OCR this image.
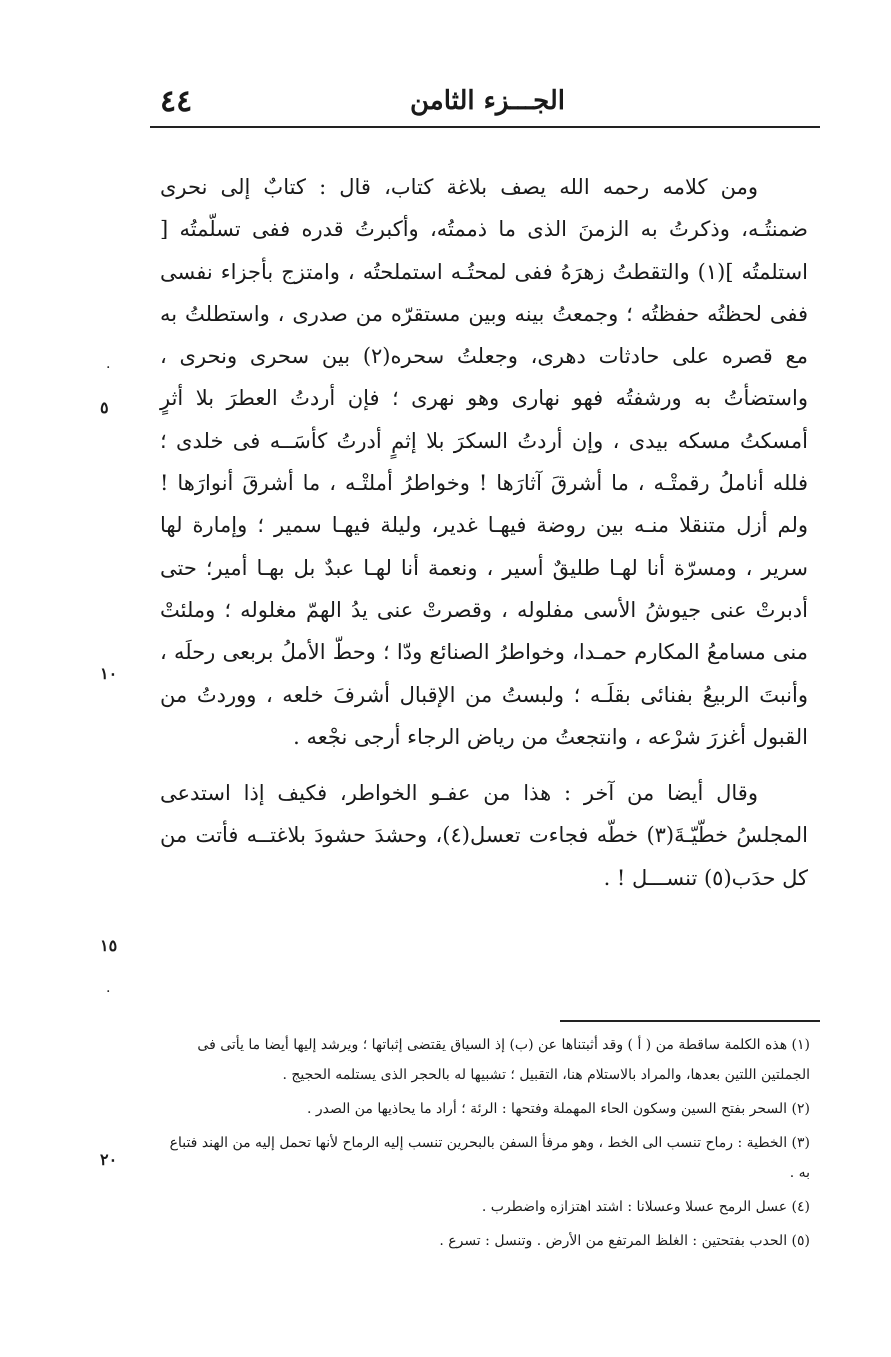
٤٤	الجـــزء الثامن
.
٥
١٠
١٥
.
٢٠

ومن كلامه رحمه الله يصف بلاغة كتاب، قال : كتابٌ إلى نحرى ضمنتُـه، وذكرتُ به الزمنَ الذى ما ذممتُه، وأكبرتُ قدره ففى تسلّمتُه [ استلمتُه ](١) والتقطتُ زهرَهُ ففى لمحتُـه استملحتُه ، وامتزج بأجزاء نفسى ففى لحظتُه حفظتُه ؛ وجمعتُ بينه وبين مستقرّه من صدرى ، واستطلتُ به مع قصره على حادثات دهرى، وجعلتُ سحره(٢) بين سحرى ونحرى ، واستضأتُ به ورشفتُه فهو نهارى وهو نهرى ؛ فإن أردتُ العطرَ بلا أثرٍ أمسكتُ مسكه بيدى ، وإن أردتُ السكرَ بلا إثمٍ أدرتُ كأسَــه فى خلدى ؛ فلله أناملُ رقمتْـه ، ما أشرقَ آثارَها ! وخواطرُ أملتْـه ، ما أشرقَ أنوارَها ! ولم أزل متنقلا منـه بين روضة فيهـا غدير، وليلة فيهـا سمير ؛ وإمارة لها سرير ، ومسرّة أنا لهـا طليقٌ أسير ، ونعمة أنا لهـا عبدٌ بل بهـا أمير؛ حتى أدبرتْ عنى جيوشُ الأسى مفلوله ، وقصرتْ عنى يدُ الهمّ مغلوله ؛ وملئتْ منى مسامعُ المكارم حمـدا، وخواطرُ الصنائع ودّا ؛ وحطّ الأملُ بربعى رحلَه ، وأنبتَ الربيعُ بفنائى بقلَـه ؛ ولبستُ من الإقبال أشرفَ خلعه ، ووردتُ من القبول أغزرَ شرْعه ، وانتجعتُ من رياض الرجاء أرجى نجْعه .

وقال أيضا من آخر : هذا من عفـو الخواطر، فكيف إذا استدعى المجلسُ خطّيّـةَ(٣) خطّه فجاءت تعسل(٤)، وحشدَ حشودَ بلاغتــه فأتت من كل حدَب(٥) تنســـل ! .

(١) هذه الكلمة ساقطة من ( أ ) وقد أثبتناها عن (ب) إذ السياق يقتضى إثباتها ؛ ويرشد إليها أيضا ما يأتى فى الجملتين اللتين بعدها، والمراد بالاستلام هنا، التقبيل ؛ تشبيها له بالحجر الذى يستلمه الحجيج .

(٢) السحر بفتح السين وسكون الحاء المهملة وفتحها : الرئة ؛ أراد ما يحاذيها من الصدر .

(٣) الخطية : رماح تنسب الى الخط ، وهو مرفأ السفن بالبحرين تنسب إليه الرماح لأنها تحمل إليه من الهند فتباع به .

(٤) عسل الرمح عسلا وعسلانا : اشتد اهتزازه واضطرب .

(٥) الحدب بفتحتين : الغلظ المرتفع من الأرض . وتنسل : تسرع .
